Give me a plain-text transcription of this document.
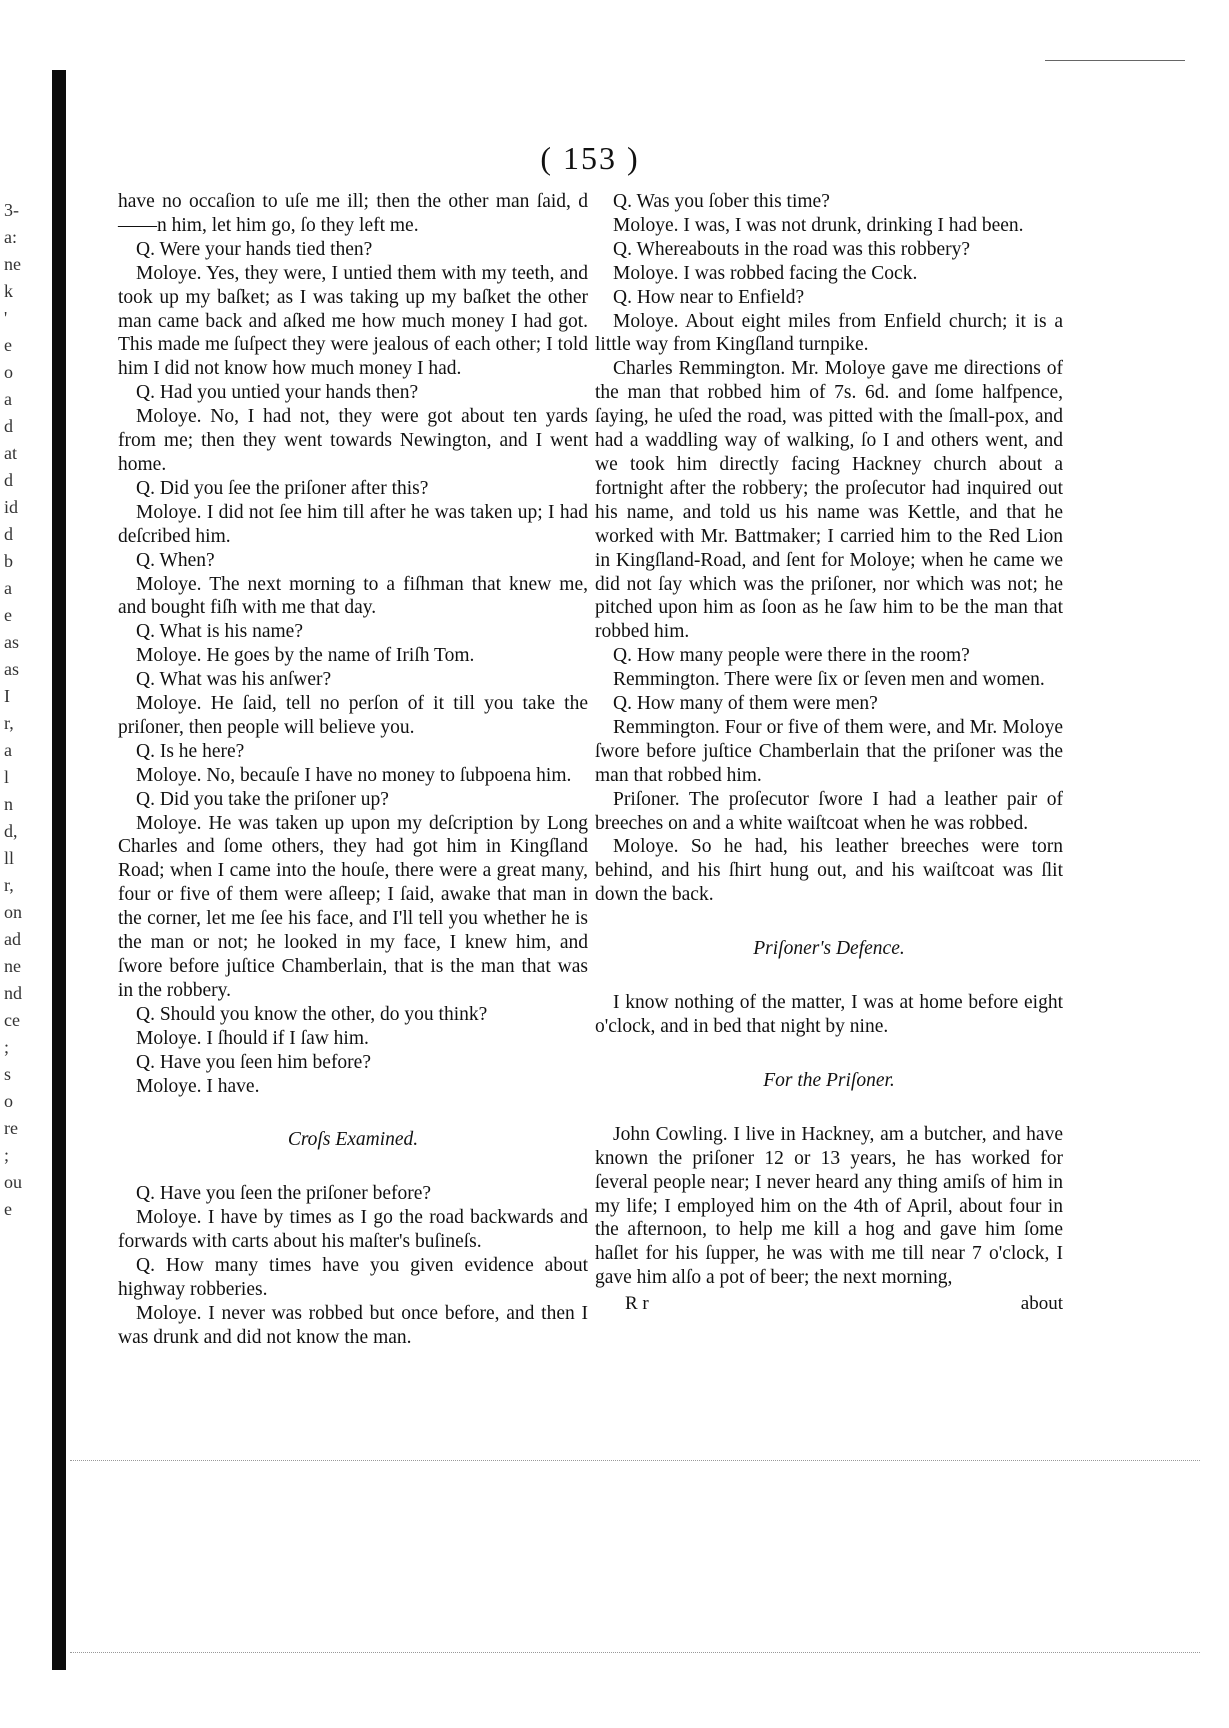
3-
a:
ne
k
'
e
o
a
d
at
d
id
d
b
a
e
as
as
I
r,
a
l
n
d,
ll
r,
on
ad
ne
nd
ce
;
s
o
re
;
ou
e
( 153 )

have no occaſion to uſe me ill; then the other man ſaid, d——n him, let him go, ſo they left me.

Q. Were your hands tied then?

Moloye. Yes, they were, I untied them with my teeth, and took up my baſket; as I was taking up my baſket the other man came back and aſked me how much money I had got. This made me ſuſpect they were jealous of each other; I told him I did not know how much money I had.

Q. Had you untied your hands then?

Moloye. No, I had not, they were got about ten yards from me; then they went towards Newington, and I went home.

Q. Did you ſee the priſoner after this?

Moloye. I did not ſee him till after he was taken up; I had deſcribed him.

Q. When?

Moloye. The next morning to a fiſhman that knew me, and bought fiſh with me that day.

Q. What is his name?

Moloye. He goes by the name of Iriſh Tom.

Q. What was his anſwer?

Moloye. He ſaid, tell no perſon of it till you take the priſoner, then people will believe you.

Q. Is he here?

Moloye. No, becauſe I have no money to ſubpoena him.

Q. Did you take the priſoner up?

Moloye. He was taken up upon my deſcription by Long Charles and ſome others, they had got him in Kingſland Road; when I came into the houſe, there were a great many, four or five of them were aſleep; I ſaid, awake that man in the corner, let me ſee his face, and I'll tell you whether he is the man or not; he looked in my face, I knew him, and ſwore before juſtice Chamberlain, that is the man that was in the robbery.

Q. Should you know the other, do you think?

Moloye. I ſhould if I ſaw him.

Q. Have you ſeen him before?

Moloye. I have.

Croſs Examined.

Q. Have you ſeen the priſoner before?

Moloye. I have by times as I go the road backwards and forwards with carts about his maſter's buſineſs.

Q. How many times have you given evidence about highway robberies.

Moloye. I never was robbed but once before, and then I was drunk and did not know the man.

Q. Was you ſober this time?

Moloye. I was, I was not drunk, drinking I had been.

Q. Whereabouts in the road was this robbery?

Moloye. I was robbed facing the Cock.

Q. How near to Enfield?

Moloye. About eight miles from Enfield church; it is a little way from Kingſland turnpike.

Charles Remmington. Mr. Moloye gave me directions of the man that robbed him of 7s. 6d. and ſome halfpence, ſaying, he uſed the road, was pitted with the ſmall-pox, and had a waddling way of walking, ſo I and others went, and we took him directly facing Hackney church about a fortnight after the robbery; the proſecutor had inquired out his name, and told us his name was Kettle, and that he worked with Mr. Battmaker; I carried him to the Red Lion in Kingſland-Road, and ſent for Moloye; when he came we did not ſay which was the priſoner, nor which was not; he pitched upon him as ſoon as he ſaw him to be the man that robbed him.

Q. How many people were there in the room?

Remmington. There were ſix or ſeven men and women.

Q. How many of them were men?

Remmington. Four or five of them were, and Mr. Moloye ſwore before juſtice Chamberlain that the priſoner was the man that robbed him.

Priſoner. The proſecutor ſwore I had a leather pair of breeches on and a white waiſtcoat when he was robbed.

Moloye. So he had, his leather breeches were torn behind, and his ſhirt hung out, and his waiſtcoat was ſlit down the back.

Priſoner's Defence.

I know nothing of the matter, I was at home before eight o'clock, and in bed that night by nine.

For the Priſoner.

John Cowling. I live in Hackney, am a butcher, and have known the priſoner 12 or 13 years, he has worked for ſeveral people near; I never heard any thing amiſs of him in my life; I employed him on the 4th of April, about four in the afternoon, to help me kill a hog and gave him ſome haſlet for his ſupper, he was with me till near 7 o'clock, I gave him alſo a pot of beer; the next morning,

R r	about
